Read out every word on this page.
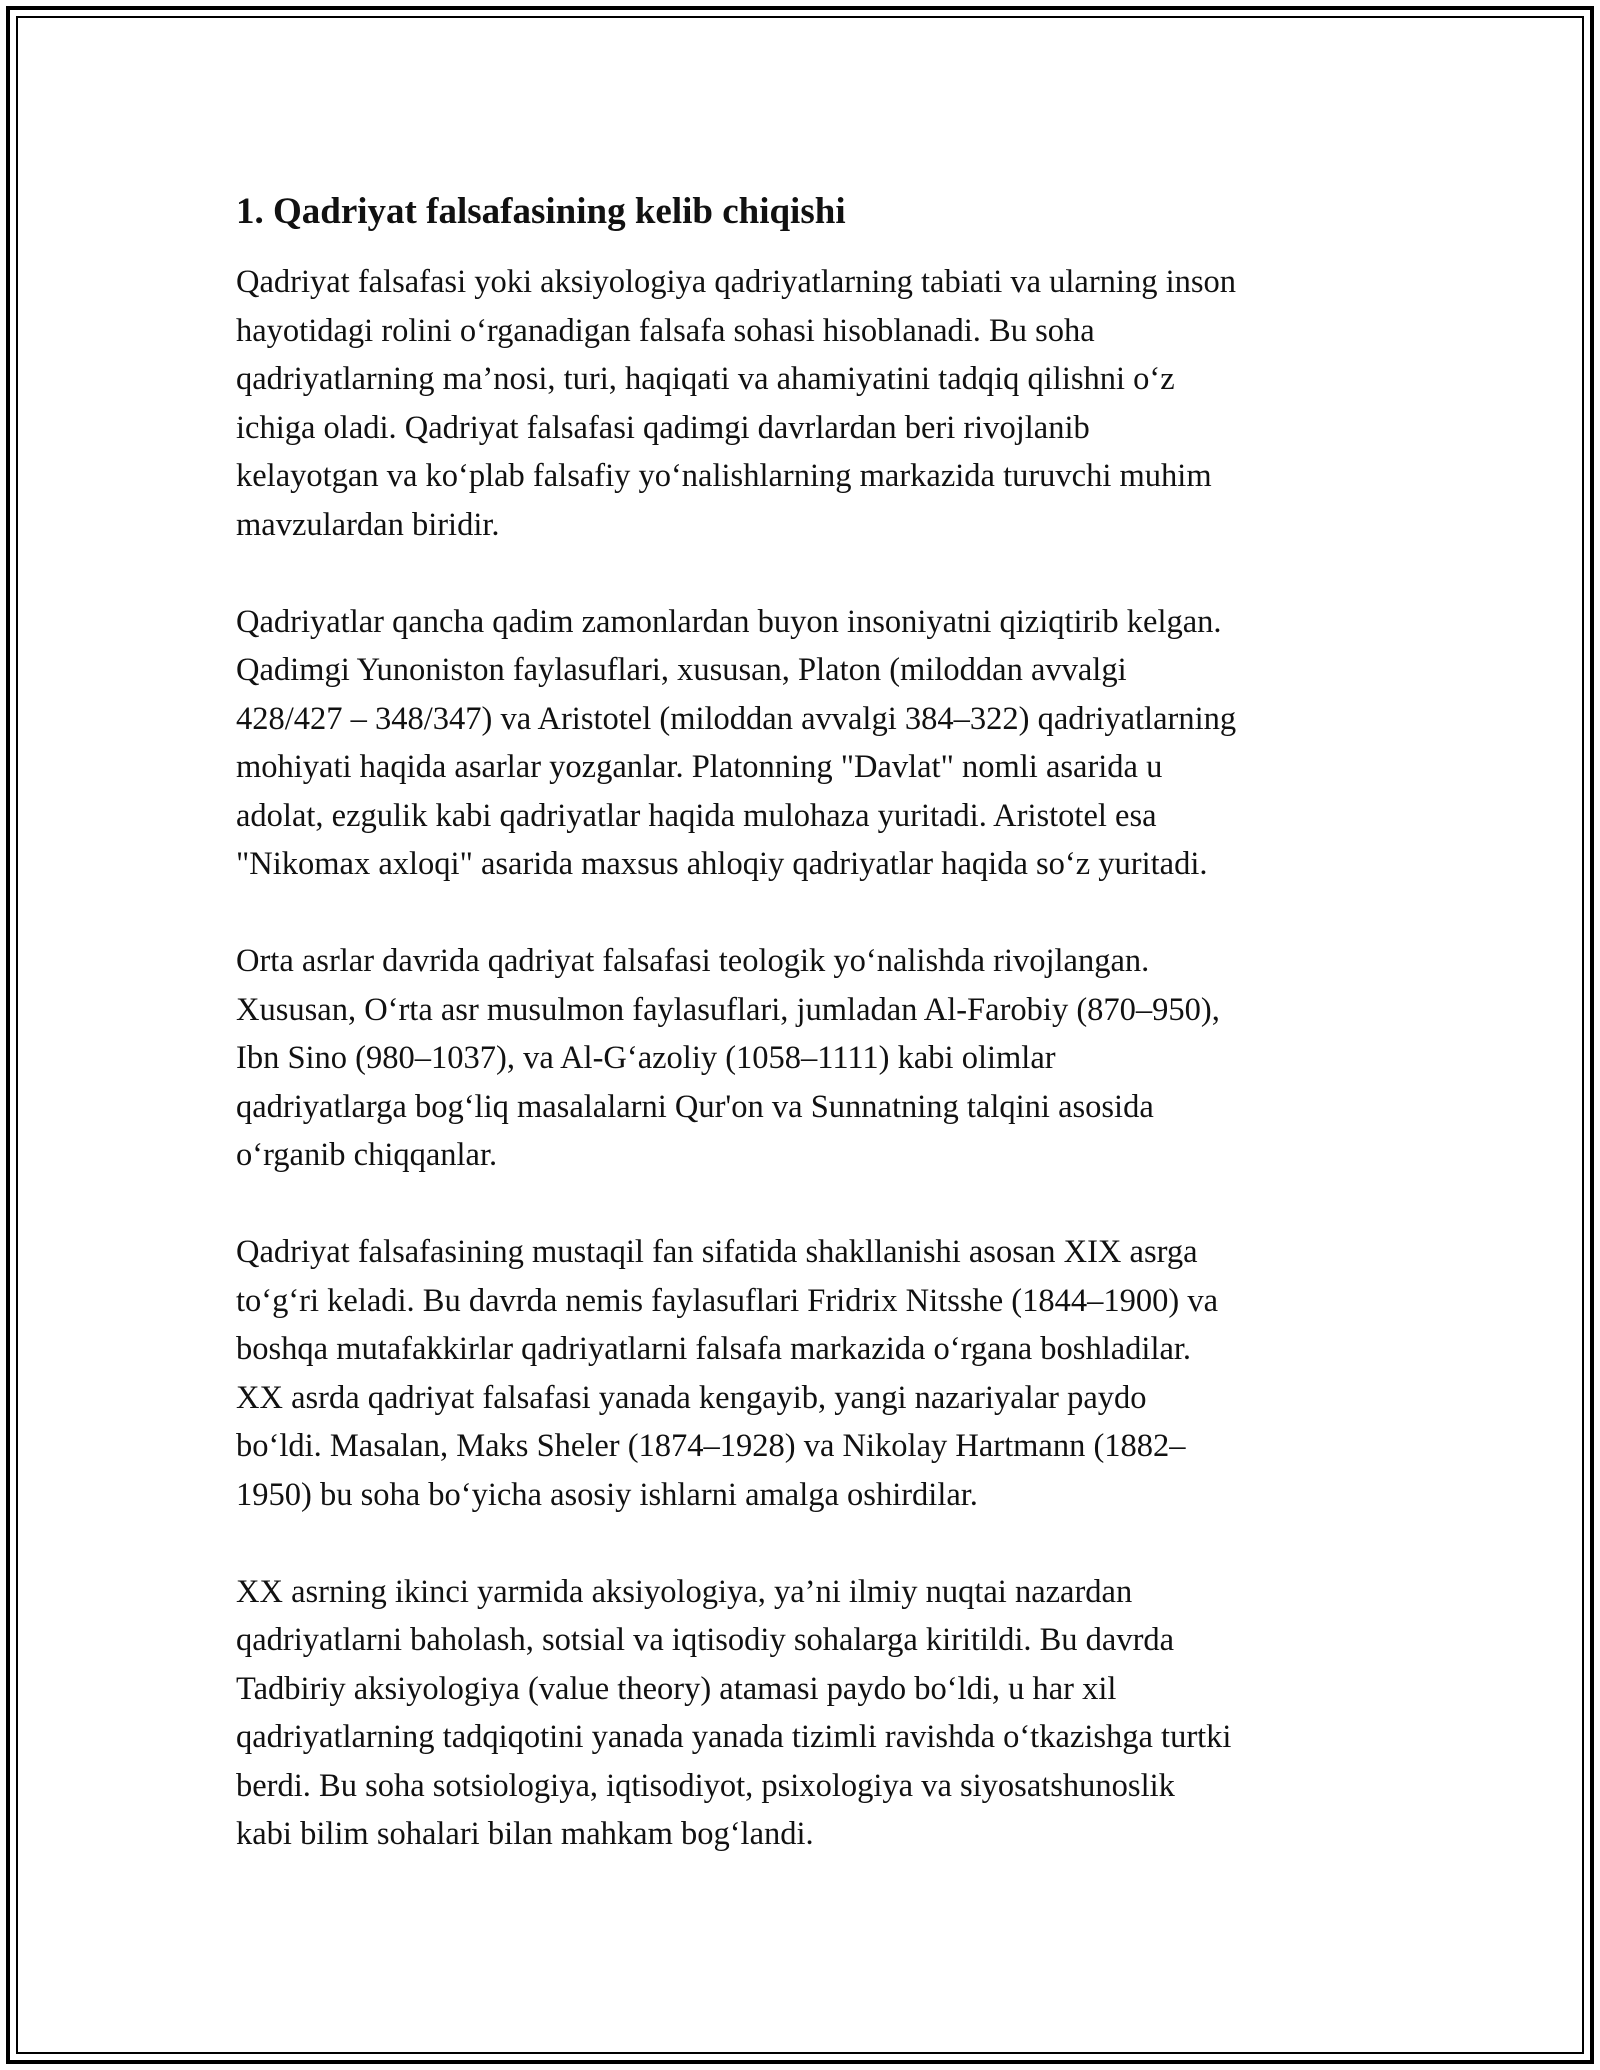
1. Qadriyat falsafasining kelib chiqishi

Qadriyat falsafasi yoki aksiyologiya qadriyatlarning tabiati va ularning inson
hayotidagi rolini o‘rganadigan falsafa sohasi hisoblanadi. Bu soha
qadriyatlarning ma’nosi, turi, haqiqati va ahamiyatini tadqiq qilishni o‘z
ichiga oladi. Qadriyat falsafasi qadimgi davrlardan beri rivojlanib
kelayotgan va ko‘plab falsafiy yo‘nalishlarning markazida turuvchi muhim
mavzulardan biridir.

Qadriyatlar qancha qadim zamonlardan buyon insoniyatni qiziqtirib kelgan.
Qadimgi Yunoniston faylasuflari, xususan, Platon (miloddan avvalgi
428/427 – 348/347) va Aristotel (miloddan avvalgi 384–322) qadriyatlarning
mohiyati haqida asarlar yozganlar. Platonning "Davlat" nomli asarida u
adolat, ezgulik kabi qadriyatlar haqida mulohaza yuritadi. Aristotel esa
"Nikomax axloqi" asarida maxsus ahloqiy qadriyatlar haqida so‘z yuritadi.

Orta asrlar davrida qadriyat falsafasi teologik yo‘nalishda rivojlangan.
Xususan, O‘rta asr musulmon faylasuflari, jumladan Al-Farobiy (870–950),
Ibn Sino (980–1037), va Al-G‘azoliy (1058–1111) kabi olimlar
qadriyatlarga bog‘liq masalalarni Qur'on va Sunnatning talqini asosida
o‘rganib chiqqanlar.

Qadriyat falsafasining mustaqil fan sifatida shakllanishi asosan XIX asrga
to‘g‘ri keladi. Bu davrda nemis faylasuflari Fridrix Nitsshe (1844–1900) va
boshqa mutafakkirlar qadriyatlarni falsafa markazida o‘rgana boshladilar.
XX asrda qadriyat falsafasi yanada kengayib, yangi nazariyalar paydo
bo‘ldi. Masalan, Maks Sheler (1874–1928) va Nikolay Hartmann (1882–
1950) bu soha bo‘yicha asosiy ishlarni amalga oshirdilar.

XX asrning ikinci yarmida aksiyologiya, ya’ni ilmiy nuqtai nazardan
qadriyatlarni baholash, sotsial va iqtisodiy sohalarga kiritildi. Bu davrda
Tadbiriy aksiyologiya (value theory) atamasi paydo bo‘ldi, u har xil
qadriyatlarning tadqiqotini yanada yanada tizimli ravishda o‘tkazishga turtki
berdi. Bu soha sotsiologiya, iqtisodiyot, psixologiya va siyosatshunoslik
kabi bilim sohalari bilan mahkam bog‘landi.
